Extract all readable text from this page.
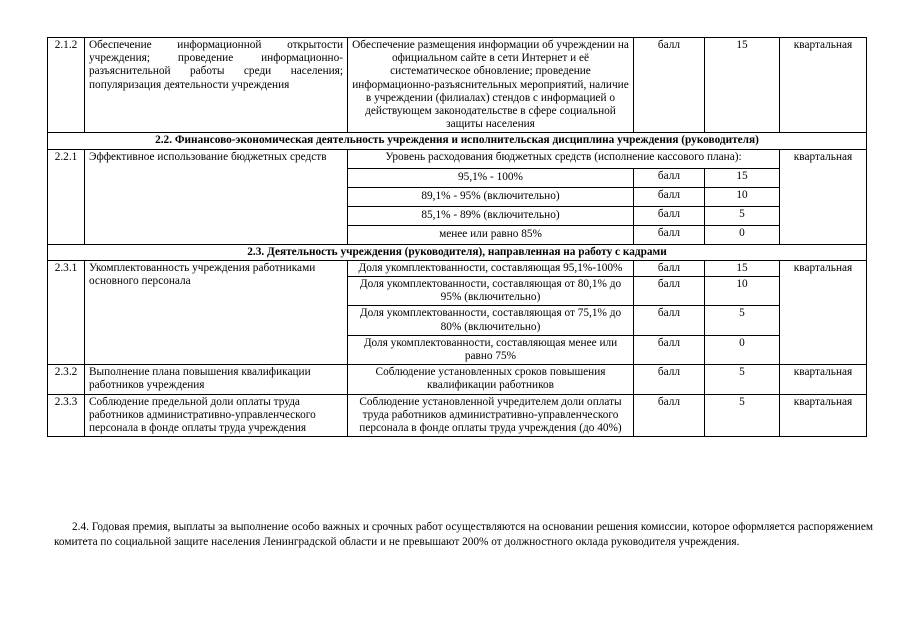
2.1.2	Обеспечение информационной открытости учреждения; проведение информационно-разъяснительной работы среди населения; популяризация деятельности учреждения	Обеспечение размещения информации об учреждении на официальном сайте в сети Интернет и её систематическое обновление; проведение информационно-разъяснительных мероприятий, наличие в учреждении (филиалах) стендов с информацией о действующем законодательстве в сфере социальной защиты населения	балл	15	квартальная
2.2. Финансово-экономическая деятельность учреждения и исполнительская дисциплина учреждения (руководителя)					
2.2.1	Эффективное использование бюджетных средств	Уровень расходования бюджетных средств (исполнение кассового плана):			квартальная
		95,1% - 100%	балл	15	
		89,1% - 95% (включительно)	балл	10	
		85,1% - 89% (включительно)	балл	5	
		менее или равно 85%	балл	0	
2.3. Деятельность учреждения (руководителя), направленная на работу с кадрами					
2.3.1	Укомплектованность учреждения работниками основного персонала	Доля укомплектованности, составляющая 95,1%-100%	балл	15	квартальная
		Доля укомплектованности, составляющая от 80,1% до 95% (включительно)	балл	10	
		Доля укомплектованности, составляющая от 75,1% до 80% (включительно)	балл	5	
		Доля укомплектованности, составляющая менее или равно 75%	балл	0	
2.3.2	Выполнение плана повышения квалификации работников учреждения	Соблюдение установленных сроков повышения квалификации работников	балл	5	квартальная
2.3.3	Соблюдение предельной доли оплаты труда работников административно-управленческого персонала в фонде оплаты труда учреждения	Соблюдение установленной учредителем доли оплаты труда работников административно-управленческого персонала в фонде оплаты труда учреждения (до 40%)	балл	5	квартальная

2.4. Годовая премия, выплаты за выполнение особо важных и срочных работ осуществляются на основании решения комиссии, которое оформляется распоряжением комитета по социальной защите населения Ленинградской области и не превышают 200% от должностного оклада руководителя учреждения.
